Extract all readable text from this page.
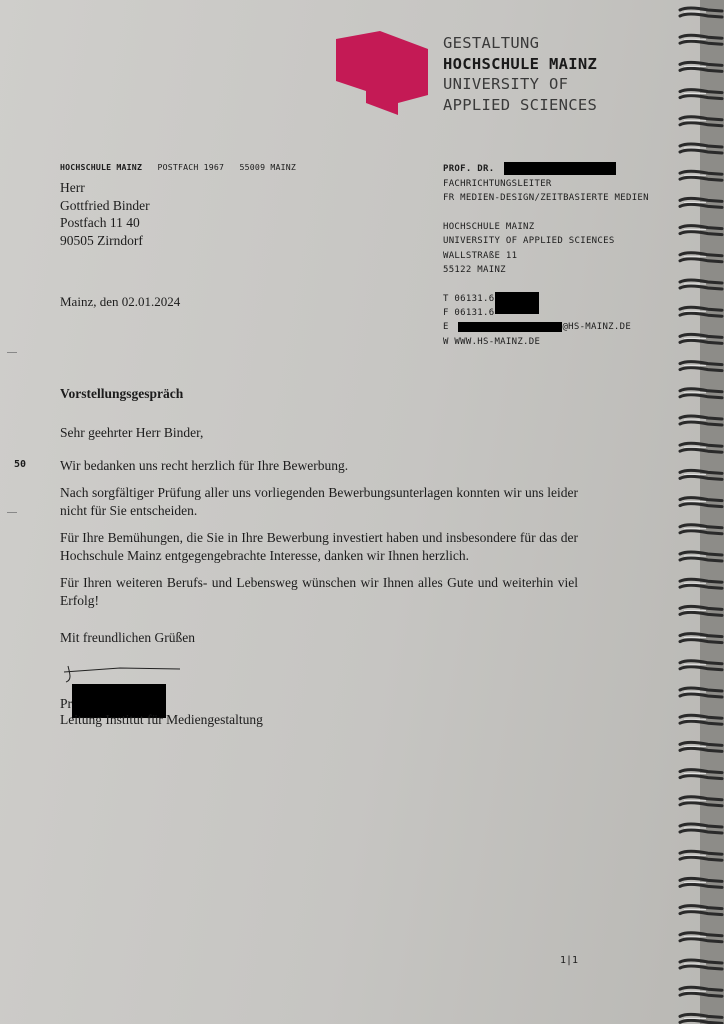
GESTALTUNG
HOCHSCHULE MAINZ
UNIVERSITY OF
APPLIED SCIENCES
HOCHSCHULE MAINZ POSTFACH 1967 55009 MAINZ
Herr
Gottfried Binder
Postfach 11 40
90505 Zirndorf
Mainz, den 02.01.2024
PROF. DR.
FACHRICHTUNGSLEITER
FR MEDIEN-DESIGN/ZEITBASIERTE MEDIEN
HOCHSCHULE MAINZ
UNIVERSITY OF APPLIED SCIENCES
WALLSTRAßE 11
55122 MAINZ
T 06131.6
F 06131.6
E	@HS-MAINZ.DE
W WWW.HS-MAINZ.DE
Vorstellungsgespräch
Sehr geehrter Herr Binder,

Wir bedanken uns recht herzlich für Ihre Bewerbung.

Nach sorgfältiger Prüfung aller uns vorliegenden Bewerbungsunterlagen konnten wir uns leider nicht für Sie entscheiden.

Für Ihre Bemühungen, die Sie in Ihre Bewerbung investiert haben und insbesondere für das der Hochschule Mainz entgegengebrachte Interesse, danken wir Ihnen herzlich.

Für Ihren weiteren Berufs- und Lebensweg wünschen wir Ihnen alles Gute und weiterhin viel Erfolg!

Mit freundlichen Grüßen
Pr
Leitung Institut für Mediengestaltung
1|1
50
